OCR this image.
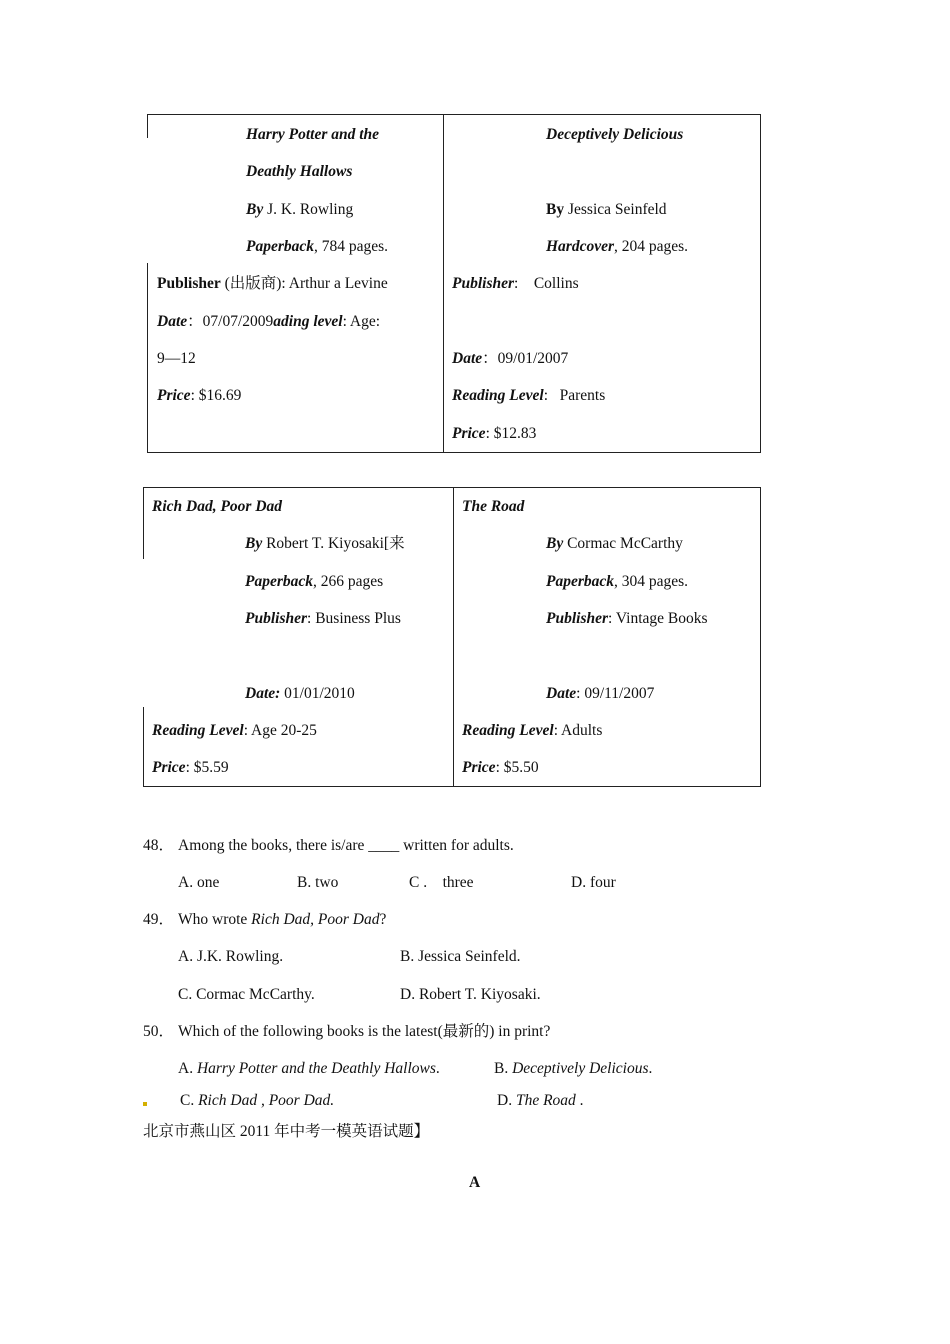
Harry Potter and the
Deathly Hallows
By J. K. Rowling
Paperback, 784 pages.
Publisher (出版商): Arthur a Levine
Date：07/07/2009ading level: Age:
9—12
Price: $16.69
Deceptively Delicious
By Jessica Seinfeld
Hardcover, 204 pages.
Publisher:    Collins
Date：09/01/2007
Reading Level:   Parents
Price: $12.83
Rich Dad, Poor Dad
By Robert T. Kiyosaki[来
Paperback, 266 pages
Publisher: Business Plus
Date: 01/01/2010
Reading Level: Age 20-25
Price: $5.59
The Road
By Cormac McCarthy
Paperback, 304 pages.
Publisher: Vintage Books
Date: 09/11/2007
Reading Level: Adults
Price: $5.50
48． Among the books, there is/are ____ written for adults.
A. one	B. two	C .    three	D. four
49． Who wrote Rich Dad, Poor Dad?
A. J.K. Rowling.	B. Jessica Seinfeld.
C. Cormac McCarthy.	D. Robert T. Kiyosaki.
50． Which of the following books is the latest(最新的) in print?
A. Harry Potter and the Deathly Hallows.	B. Deceptively Delicious.
C. Rich Dad , Poor Dad.	D. The Road .
北京市燕山区 2011 年中考一模英语试题】
A
